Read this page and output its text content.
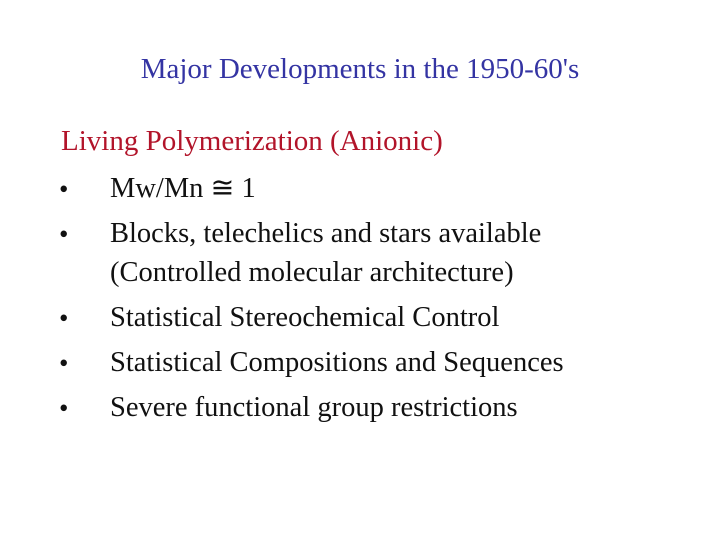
Major Developments in the 1950-60's
Living Polymerization (Anionic)
•	Mw/Mn ≅ 1
•	Blocks, telechelics and stars available
(Controlled molecular architecture)
•	Statistical Stereochemical Control
•	Statistical Compositions and Sequences
•	Severe functional group restrictions
